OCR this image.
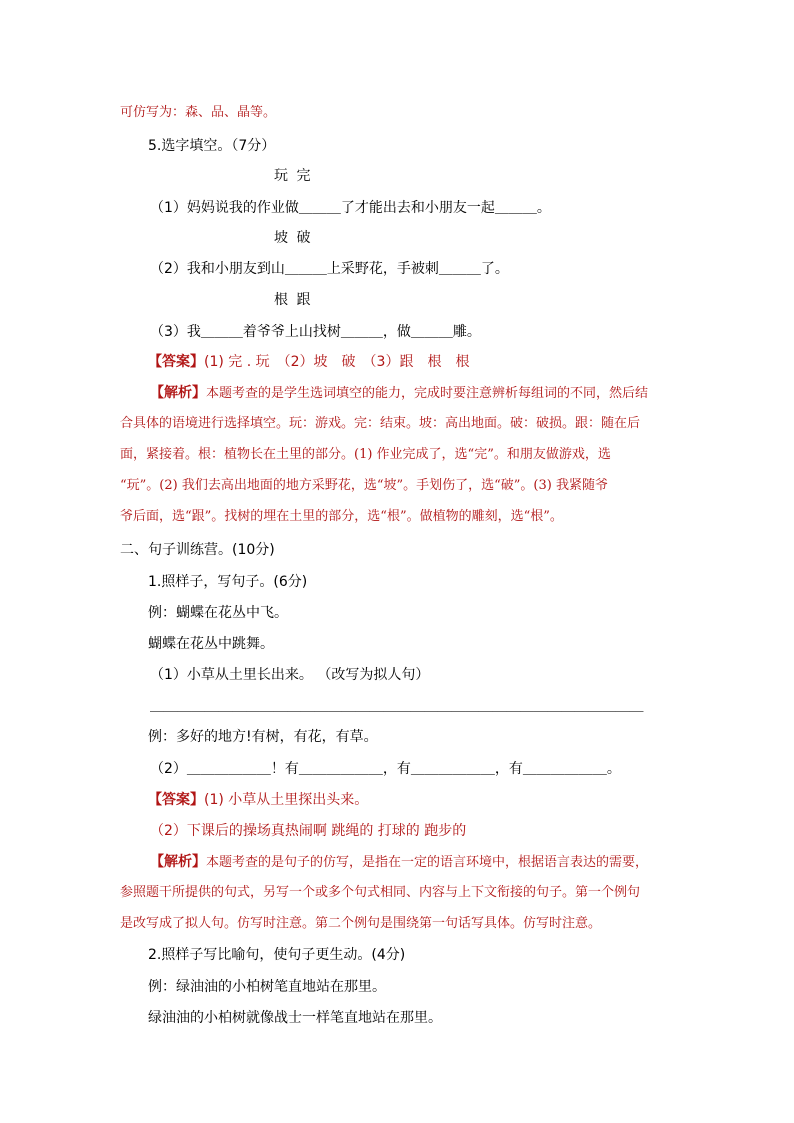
可仿写为：森、品、晶等。
5.选字填空。（7分）
玩 完
（1）妈妈说我的作业做＿＿＿了才能出去和小朋友一起＿＿＿。
坡 破
（2）我和小朋友到山＿＿＿上采野花，手被刺＿＿＿了。
根 跟
（3）我＿＿＿着爷爷上山找树＿＿＿，做＿＿＿雕。
【答案】(1) 完 . 玩　（2）坡　破　（3）跟　根　根
【解析】本题考查的是学生选词填空的能力，完成时要注意辨析每组词的不同，然后结
合具体的语境进行选择填空。玩：游戏。完：结束。坡：高出地面。破：破损。跟：随在后
面，紧接着。根：植物长在土里的部分。(1) 作业完成了，选“完”。和朋友做游戏，选
“玩”。(2) 我们去高出地面的地方采野花，选“坡”。手划伤了，选“破”。(3) 我紧随爷
爷后面，选“跟”。找树的埋在土里的部分，选“根”。做植物的雕刻，选“根”。
二、句子训练营。(10分)
1.照样子，写句子。(6分)
例：蝴蝶在花丛中飞。
蝴蝶在花丛中跳舞。
（1）小草从土里长出来。 （改写为拟人句）
＿＿＿＿＿＿＿＿＿＿＿＿＿＿＿＿＿＿＿＿＿＿＿＿＿＿＿＿＿＿＿＿＿＿＿＿
例：多好的地方!有树，有花，有草。
（2）＿＿＿＿＿＿！有＿＿＿＿＿＿，有＿＿＿＿＿＿，有＿＿＿＿＿＿。
【答案】(1) 小草从土里探出头来。
（2）下课后的操场真热闹啊 跳绳的 打球的 跑步的
【解析】本题考查的是句子的仿写，是指在一定的语言环境中，根据语言表达的需要，
参照题干所提供的句式，另写一个或多个句式相同、内容与上下文衔接的句子。第一个例句
是改写成了拟人句。仿写时注意。第二个例句是围绕第一句话写具体。仿写时注意。
2.照样子写比喻句，使句子更生动。(4分)
例：绿油油的小柏树笔直地站在那里。
绿油油的小柏树就像战士一样笔直地站在那里。
